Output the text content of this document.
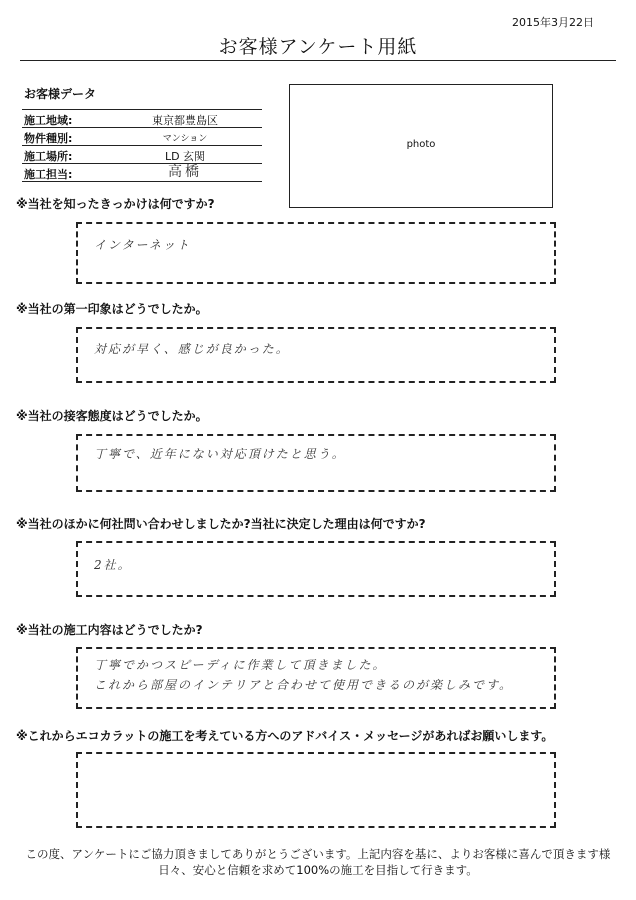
2015年3月22日
お客様アンケート用紙
お客様データ
施工地域:	東京都豊島区
物件種別:	マンション
施工場所:	LD 玄関
施工担当:	高橋
photo
※当社を知ったきっかけは何ですか?
インターネット
※当社の第一印象はどうでしたか。
対応が早く、感じが良かった。
※当社の接客態度はどうでしたか。
丁寧で、近年にない対応頂けたと思う。
※当社のほかに何社問い合わせしましたか?当社に決定した理由は何ですか?
2社。
※当社の施工内容はどうでしたか?
丁寧でかつスピーディに作業して頂きました。
これから部屋のインテリアと合わせて使用できるのが楽しみです。
※これからエコカラットの施工を考えている方へのアドバイス・メッセージがあればお願いします。
この度、アンケートにご協力頂きましてありがとうございます。上記内容を基に、よりお客様に喜んで頂きます様
日々、安心と信頼を求めて100%の施工を目指して行きます。
